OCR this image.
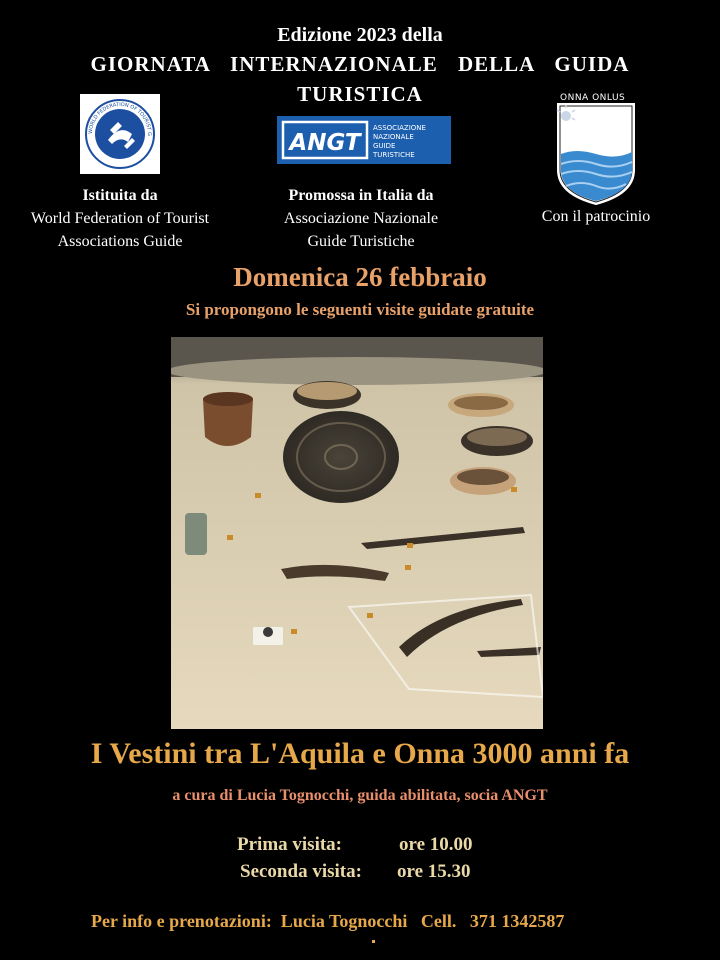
Edizione 2023 della
GIORNATA INTERNAZIONALE DELLA GUIDA
TURISTICA
WORLD FEDERATION OF TOURIST G	ANGT
ASSOCIAZIONE
NAZIONALE
GUIDE
TURISTICHE
ONNA ONLUS
Istituita da
World Federation of Tourist
Associations Guide
Promossa in Italia da
Associazione Nazionale
Guide Turistiche
Con il patrocinio
Domenica 26 febbraio
Si propongono le seguenti visite guidate gratuite
I Vestini tra L'Aquila e Onna 3000 anni fa
a cura di Lucia Tognocchi, guida abilitata, socia ANGT
Prima visita:	ore 10.00
Seconda visita: ore 15.30
Per info e prenotazioni:  Lucia Tognocchi   Cell.   371 1342587
